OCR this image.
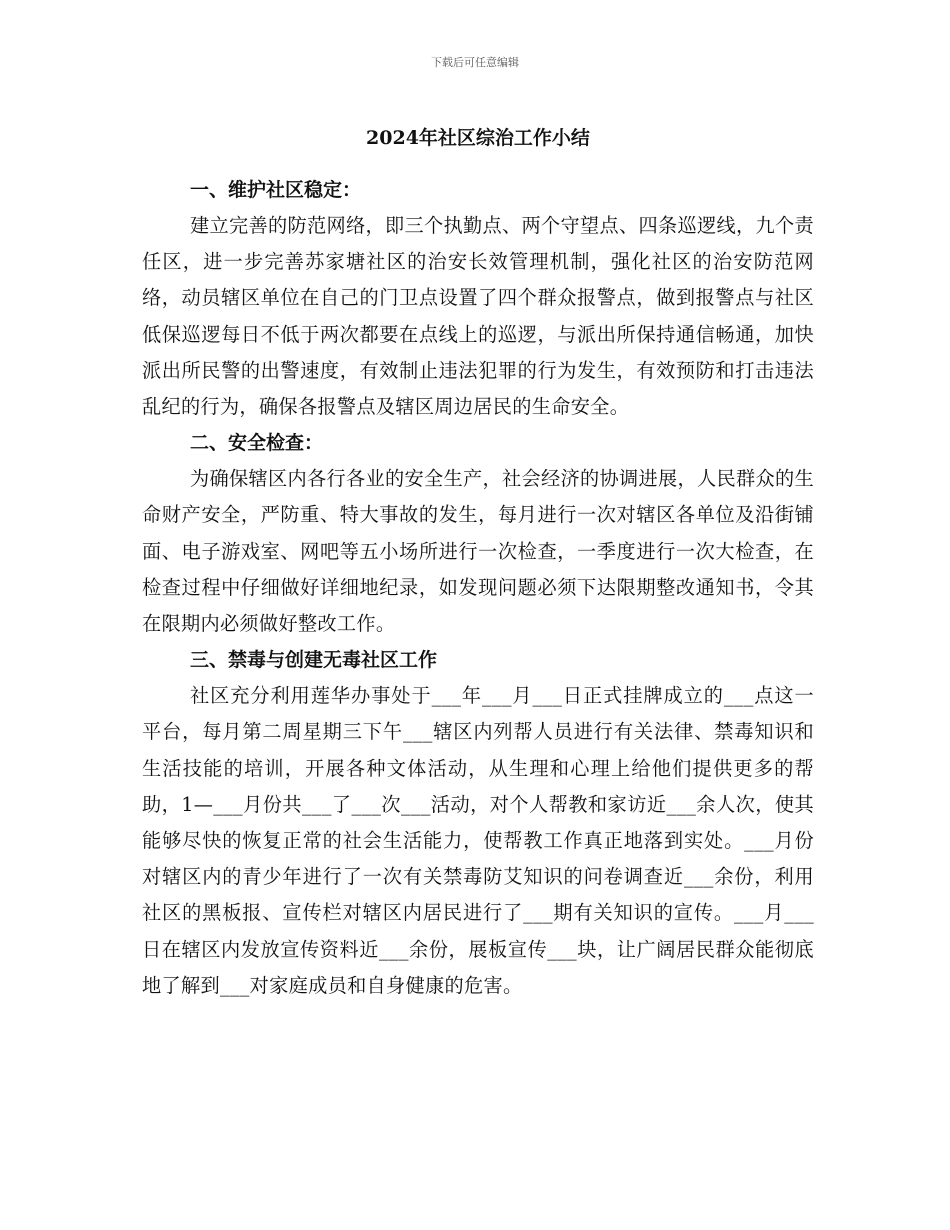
下载后可任意编辑
2024年社区综治工作小结

一、维护社区稳定：

建立完善的防范网络，即三个执勤点、两个守望点、四条巡逻线，九个责任区，进一步完善苏家塘社区的治安长效管理机制，强化社区的治安防范网络，动员辖区单位在自己的门卫点设置了四个群众报警点，做到报警点与社区低保巡逻每日不低于两次都要在点线上的巡逻，与派出所保持通信畅通，加快派出所民警的出警速度，有效制止违法犯罪的行为发生，有效预防和打击违法乱纪的行为，确保各报警点及辖区周边居民的生命安全。

二、安全检查：

为确保辖区内各行各业的安全生产，社会经济的协调进展，人民群众的生命财产安全，严防重、特大事故的发生，每月进行一次对辖区各单位及沿街铺面、电子游戏室、网吧等五小场所进行一次检查，一季度进行一次大检查，在检查过程中仔细做好详细地纪录，如发现问题必须下达限期整改通知书，令其在限期内必须做好整改工作。

三、禁毒与创建无毒社区工作

社区充分利用莲华办事处于___年___月___日正式挂牌成立的___点这一平台，每月第二周星期三下午___辖区内列帮人员进行有关法律、禁毒知识和生活技能的培训，开展各种文体活动，从生理和心理上给他们提供更多的帮助，1—___月份共___了___次___活动，对个人帮教和家访近___余人次，使其能够尽快的恢复正常的社会生活能力，使帮教工作真正地落到实处。___月份对辖区内的青少年进行了一次有关禁毒防艾知识的问卷调查近___余份，利用社区的黑板报、宣传栏对辖区内居民进行了___期有关知识的宣传。___月___日在辖区内发放宣传资料近___余份，展板宣传___块，让广阔居民群众能彻底地了解到___对家庭成员和自身健康的危害。
